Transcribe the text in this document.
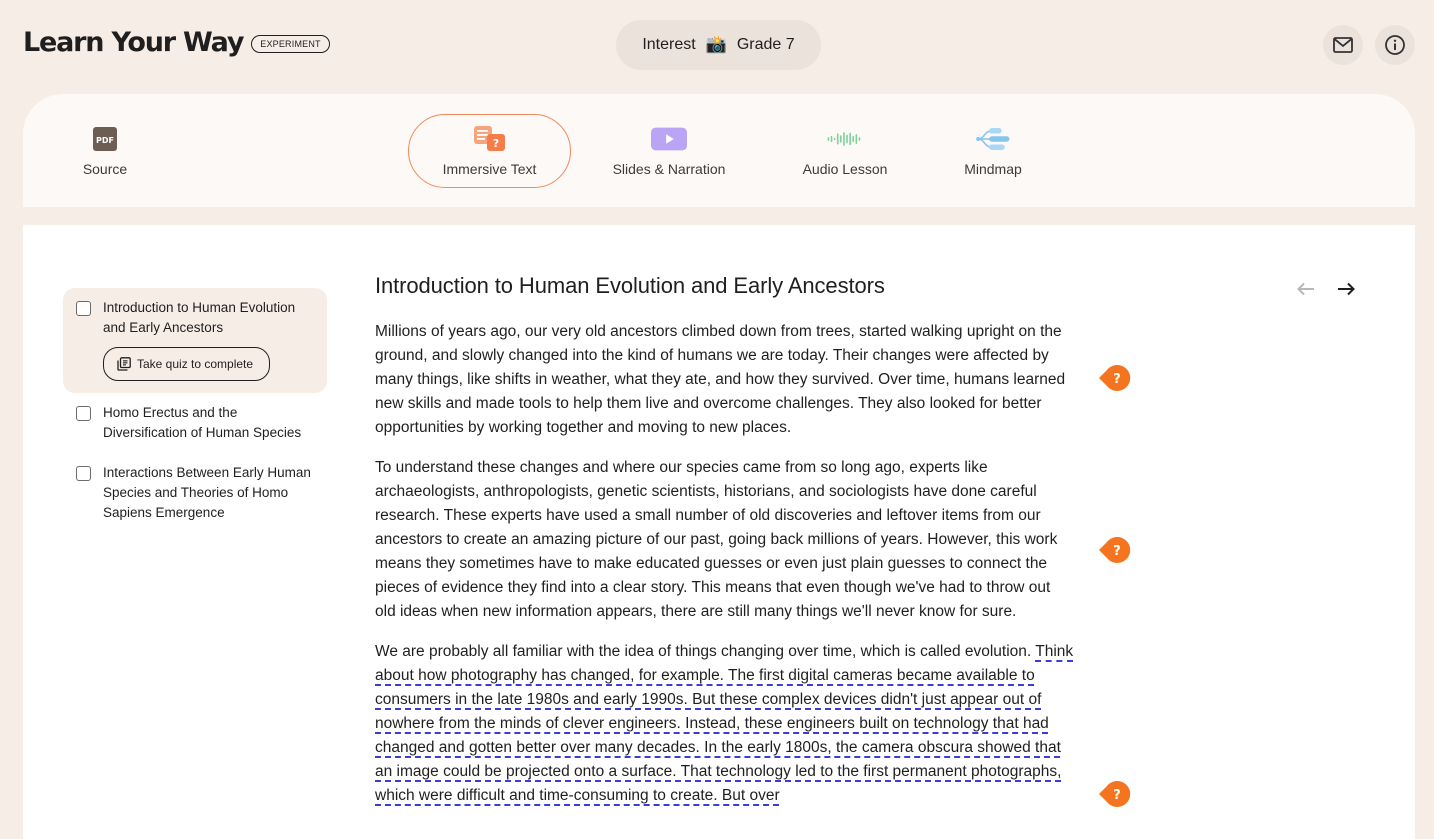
Learn Your Way	EXPERIMENT	Interest 📸 Grade 7
PDF
Source
?
Immersive Text	Slides & Narration	Audio Lesson	Mindmap
Introduction to Human Evolution and Early Ancestors
Take quiz to complete
Homo Erectus and the Diversification of Human Species
Interactions Between Early Human Species and Theories of Homo Sapiens Emergence
Introduction to Human Evolution and Early Ancestors

Millions of years ago, our very old ancestors climbed down from trees, started walking upright on the ground, and slowly changed into the kind of humans we are today. Their changes were affected by many things, like shifts in weather, what they ate, and how they survived. Over time, humans learned new skills and made tools to help them live and overcome challenges. They also looked for better opportunities by working together and moving to new places.

To understand these changes and where our species came from so long ago, experts like archaeologists, anthropologists, genetic scientists, historians, and sociologists have done careful research. These experts have used a small number of old discoveries and leftover items from our ancestors to create an amazing picture of our past, going back millions of years. However, this work means they sometimes have to make educated guesses or even just plain guesses to connect the pieces of evidence they find into a clear story. This means that even though we've had to throw out old ideas when new information appears, there are still many things we'll never know for sure.

We are probably all familiar with the idea of things changing over time, which is called evolution. Think about how photography has changed, for example. The first digital cameras became available to consumers in the late 1980s and early 1990s. But these complex devices didn't just appear out of nowhere from the minds of clever engineers. Instead, these engineers built on technology that had changed and gotten better over many decades. In the early 1800s, the camera obscura showed that an image could be projected onto a surface. That technology led to the first permanent photographs, which were difficult and time-consuming to create. But over

?
?
?
